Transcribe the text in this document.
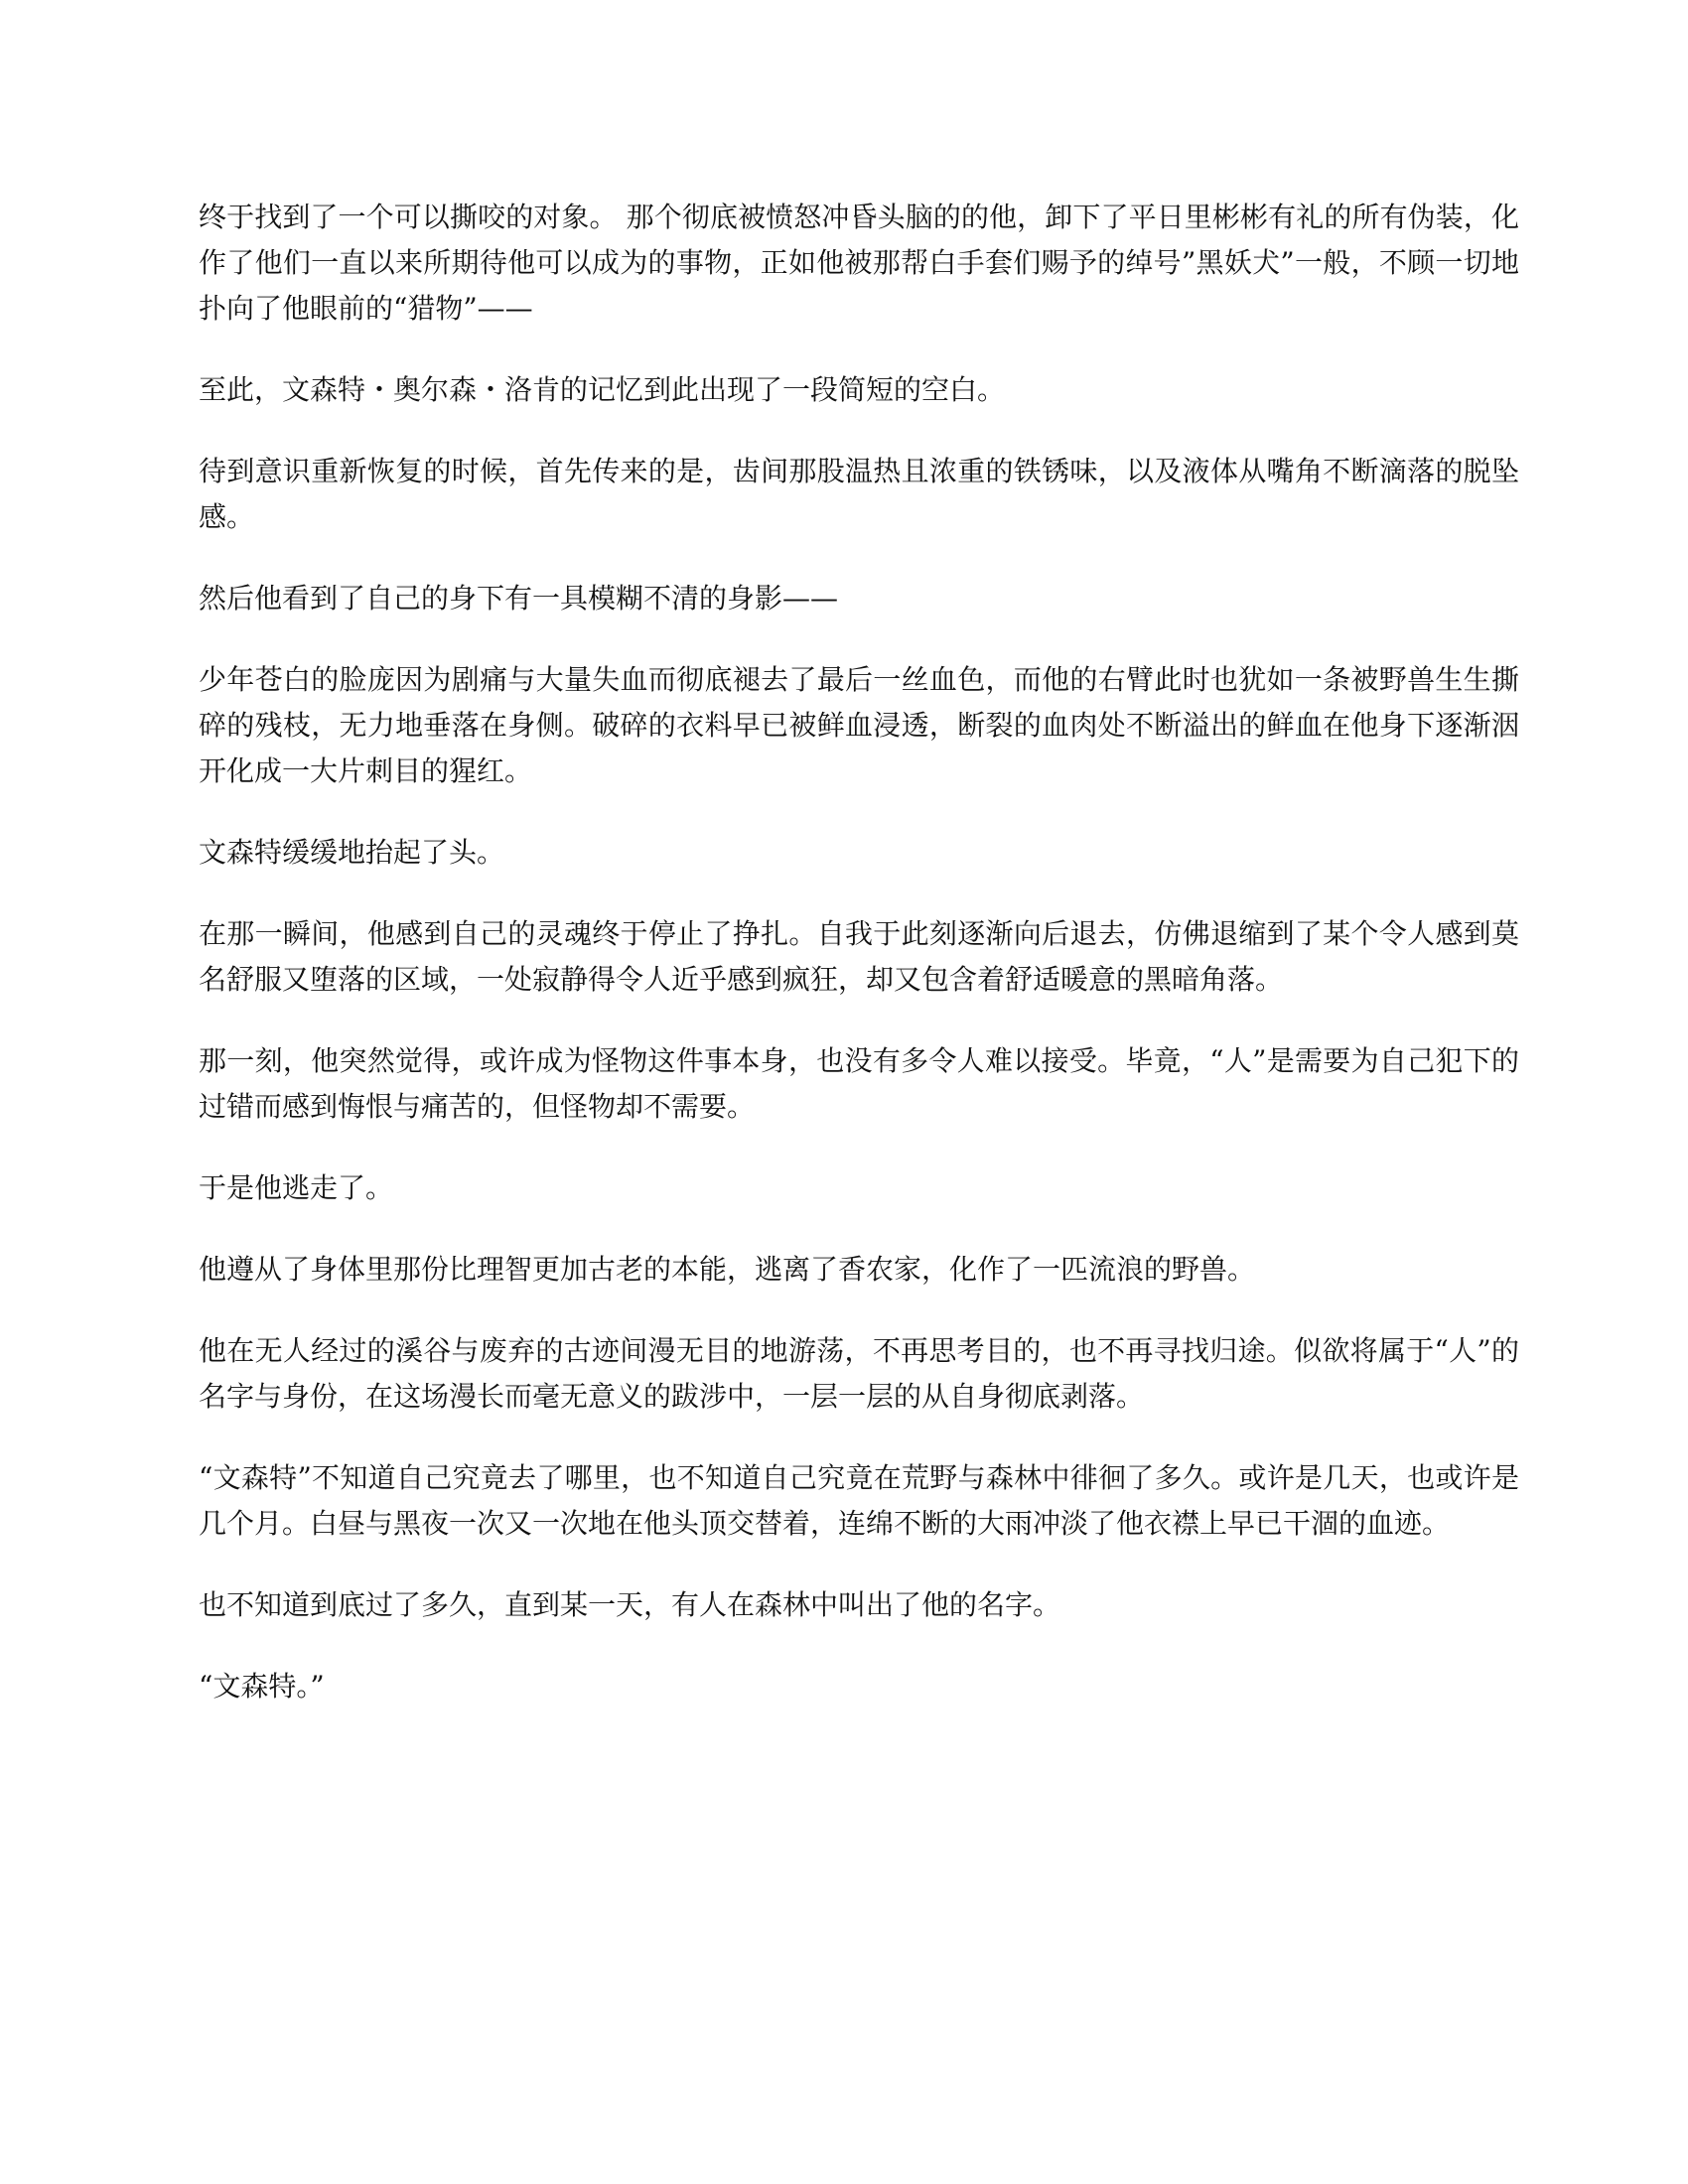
终于找到了一个可以撕咬的对象。 那个彻底被愤怒冲昏头脑的的他，卸下了平日里彬彬有礼的所有伪装，化作了他们一直以来所期待他可以成为的事物，正如他被那帮白手套们赐予的绰号”黑妖犬”一般，不顾一切地扑向了他眼前的“猎物”——

至此，文森特・奥尔森・洛肯的记忆到此出现了一段简短的空白。

待到意识重新恢复的时候，首先传来的是，齿间那股温热且浓重的铁锈味，以及液体从嘴角不断滴落的脱坠感。

然后他看到了自己的身下有一具模糊不清的身影——

少年苍白的脸庞因为剧痛与大量失血而彻底褪去了最后一丝血色，而他的右臂此时也犹如一条被野兽生生撕碎的残枝，无力地垂落在身侧。破碎的衣料早已被鲜血浸透，断裂的血肉处不断溢出的鲜血在他身下逐渐洇开化成一大片刺目的猩红。

文森特缓缓地抬起了头。

在那一瞬间，他感到自己的灵魂终于停止了挣扎。自我于此刻逐渐向后退去，仿佛退缩到了某个令人感到莫名舒服又堕落的区域，一处寂静得令人近乎感到疯狂，却又包含着舒适暖意的黑暗角落。

那一刻，他突然觉得，或许成为怪物这件事本身，也没有多令人难以接受。毕竟，“人”是需要为自己犯下的过错而感到悔恨与痛苦的，但怪物却不需要。

于是他逃走了。

他遵从了身体里那份比理智更加古老的本能，逃离了香农家，化作了一匹流浪的野兽。

他在无人经过的溪谷与废弃的古迹间漫无目的地游荡，不再思考目的，也不再寻找归途。似欲将属于“人”的名字与身份，在这场漫长而毫无意义的跋涉中，一层一层的从自身彻底剥落。

“文森特”不知道自己究竟去了哪里，也不知道自己究竟在荒野与森林中徘徊了多久。或许是几天，也或许是几个月。白昼与黑夜一次又一次地在他头顶交替着，连绵不断的大雨冲淡了他衣襟上早已干涸的血迹。

也不知道到底过了多久，直到某一天，有人在森林中叫出了他的名字。

“文森特。”
